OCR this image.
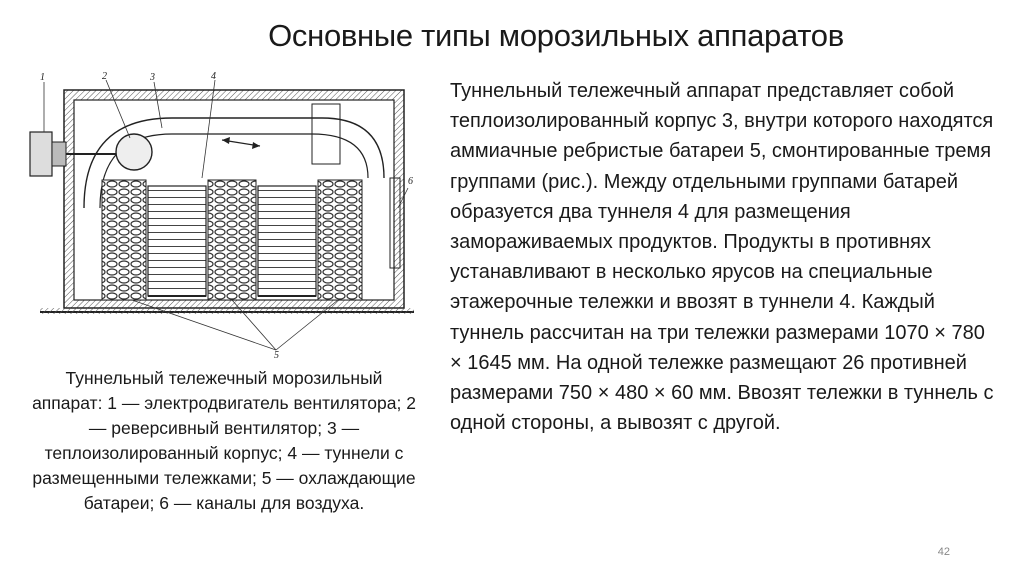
Основные типы морозильных аппаратов
1	2	3	4
5
6
Туннельный тележечный морозильный аппарат: 1 — электродвигатель вентилятора; 2 — реверсивный вентилятор; 3 — теплоизолированный корпус; 4 — туннели с размещенными тележками; 5 — охлаждающие батареи; 6 — каналы для воздуха.
Туннельный тележечный аппарат представляет собой теплоизолированный корпус 3, внутри которого находятся аммиачные ребристые батареи 5, смонтированные тремя группами (рис.). Между отдельными группами батарей образуется два туннеля 4 для размещения замораживаемых продуктов. Продукты в противнях устанавливают в несколько ярусов на специальные этажерочные тележки и ввозят в туннели 4. Каждый туннель рассчитан на три тележки размерами 1070 × 780 × 1645 мм. На одной тележке размещают 26 противней размерами 750 × 480 × 60 мм. Ввозят тележки в туннель с одной стороны, а вывозят с другой.
42
